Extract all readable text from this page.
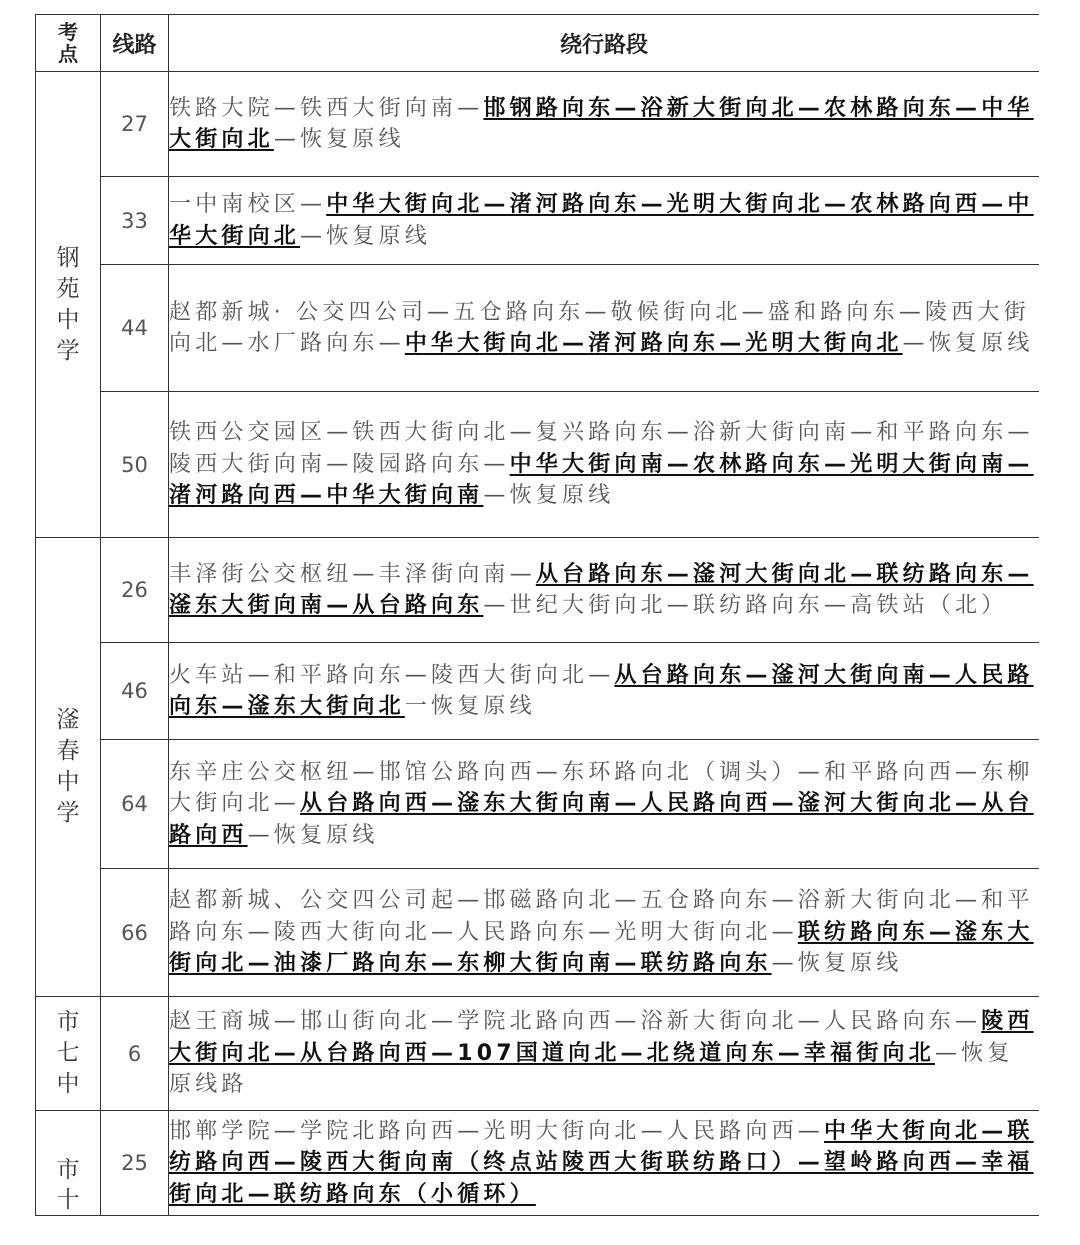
考
点	线路	绕行路段

钢
苑
中
学	27	铁路大院—铁西大街向南—邯钢路向东—浴新大街向北—农林路向东—中华大街向北—恢复原线
	33	一中南校区—中华大街向北—渚河路向东—光明大街向北—农林路向西—中华大街向北—恢复原线
	44	赵都新城· 公交四公司—五仓路向东—敬候街向北—盛和路向东—陵西大街向北—水厂路向东—中华大街向北—渚河路向东—光明大街向北—恢复原线
	50	铁西公交园区—铁西大街向北—复兴路向东—浴新大街向南—和平路向东—陵西大街向南—陵园路向东—中华大街向南—农林路向东—光明大街向南—渚河路向西—中华大街向南—恢复原线

滏
春
中
学	26	丰泽街公交枢纽—丰泽街向南—从台路向东—滏河大街向北—联纺路向东—滏东大街向南—从台路向东—世纪大街向北—联纺路向东—高铁站（北）
	46	火车站—和平路向东—陵西大街向北—从台路向东—滏河大街向南—人民路向东—滏东大街向北一恢复原线
	64	东辛庄公交枢纽—邯馆公路向西—东环路向北（调头）—和平路向西—东柳大街向北—从台路向西—滏东大街向南—人民路向西—滏河大街向北—从台路向西—恢复原线
	66	赵都新城、公交四公司起—邯磁路向北—五仓路向东—浴新大街向北—和平路向东—陵西大街向北—人民路向东—光明大街向北—联纺路向东—滏东大街向北—油漆厂路向东—东柳大街向南—联纺路向东—恢复原线

市
七
中	6	赵王商城—邯山街向北—学院北路向西—浴新大街向北—人民路向东—陵西大街向北—从台路向西—107国道向北—北绕道向东—幸福街向北—恢复原线路

市
十	25	邯郸学院—学院北路向西—光明大街向北—人民路向西—中华大街向北—联纺路向西—陵西大街向南（终点站陵西大街联纺路口）—望岭路向西—幸福街向北—联纺路向东（小循环）
